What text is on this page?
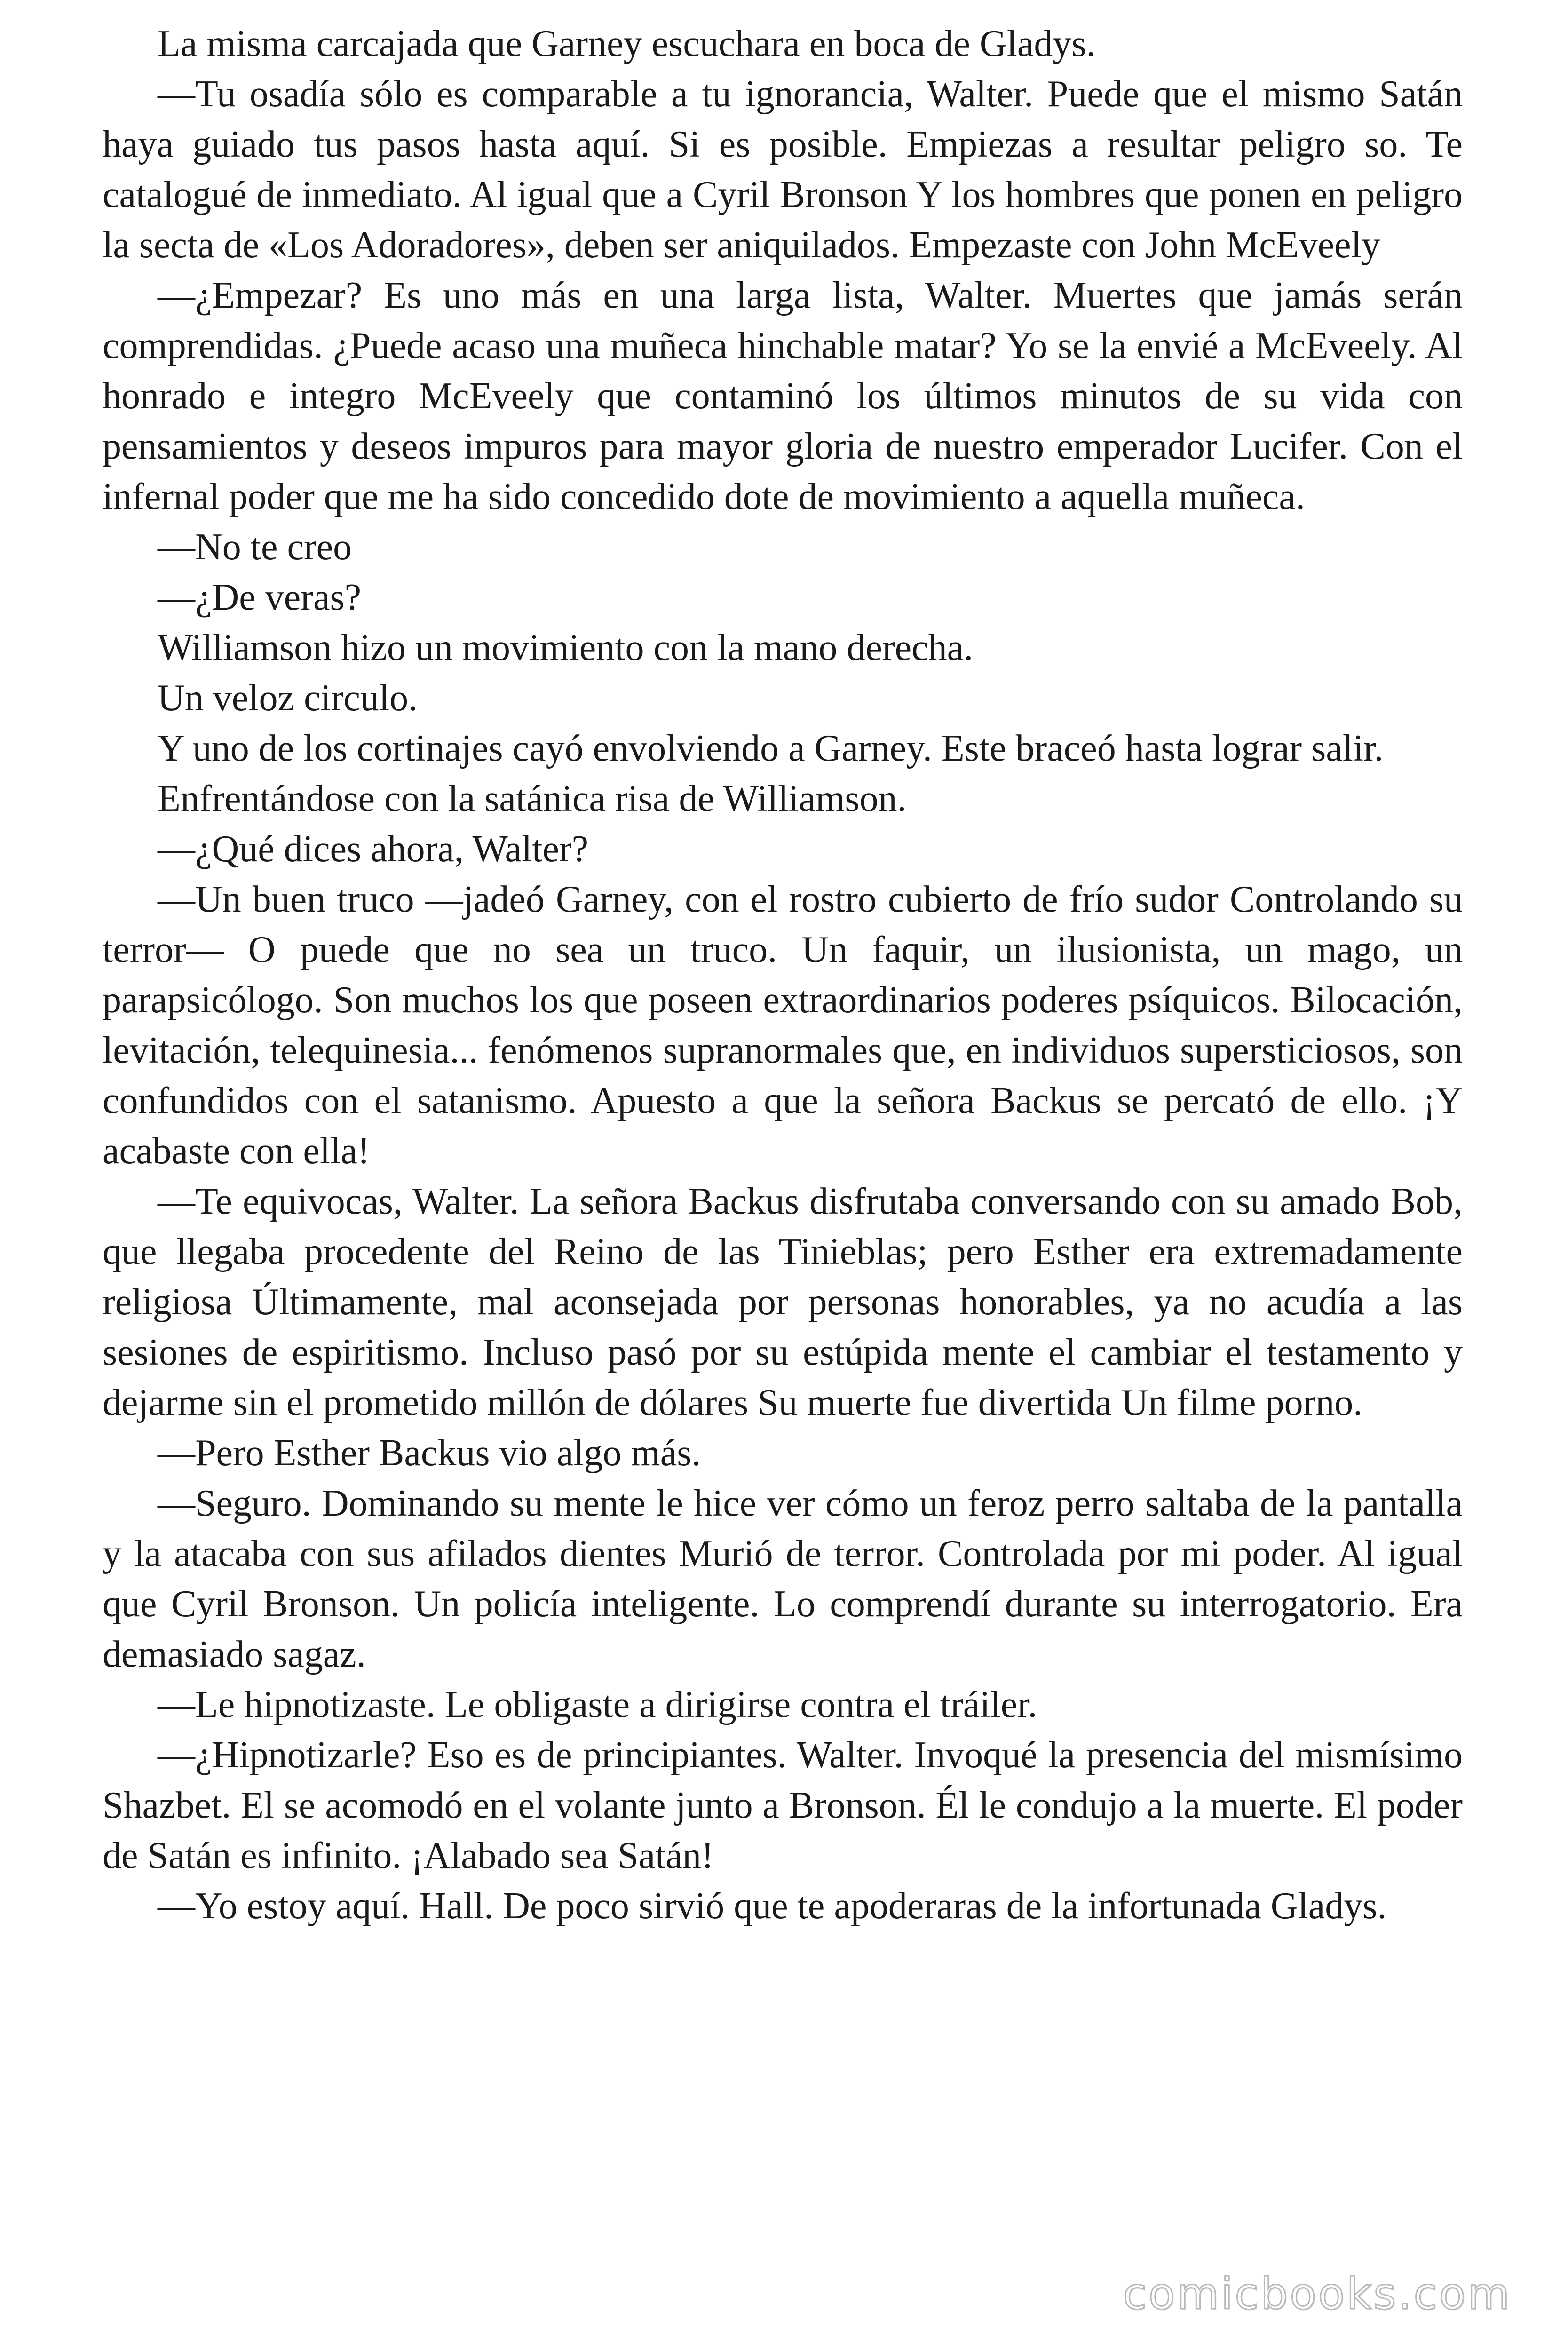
La misma carcajada que Garney escuchara en boca de Gladys.

—Tu osadía sólo es comparable a tu ignorancia, Walter. Puede que el mismo Satán haya guiado tus pasos hasta aquí. Si es posible. Empiezas a resultar peligro so. Te catalogué de inmediato. Al igual que a Cyril Bronson Y los hombres que ponen en peligro la secta de «Los Adoradores», deben ser aniquilados. Empezaste con John McEveely

—¿Empezar? Es uno más en una larga lista, Walter. Muertes que jamás serán comprendidas. ¿Puede acaso una muñeca hinchable matar? Yo se la envié a McEveely. Al honrado e integro McEveely que contaminó los últimos minutos de su vida con pensamientos y deseos impuros para mayor gloria de nuestro emperador Lucifer. Con el infernal poder que me ha sido concedido dote de movimiento a aquella muñeca.

—No te creo

—¿De veras?

Williamson hizo un movimiento con la mano derecha.

Un veloz circulo.

Y uno de los cortinajes cayó envolviendo a Garney. Este braceó hasta lograr salir.

Enfrentándose con la satánica risa de Williamson.

—¿Qué dices ahora, Walter?

—Un buen truco —jadeó Garney, con el rostro cubierto de frío sudor Controlando su terror— O puede que no sea un truco. Un faquir, un ilusionista, un mago, un parapsicólogo. Son muchos los que poseen extraordinarios poderes psíquicos. Bilocación, levitación, telequinesia... fenómenos supranormales que, en individuos supersticiosos, son confundidos con el satanismo. Apuesto a que la señora Backus se percató de ello. ¡Y acabaste con ella!

—Te equivocas, Walter. La señora Backus disfrutaba conversando con su amado Bob, que llegaba procedente del Reino de las Tinieblas; pero Esther era extremadamente religiosa Últimamente, mal aconsejada por personas honorables, ya no acudía a las sesiones de espiritismo. Incluso pasó por su estúpida mente el cambiar el testamento y dejarme sin el prometido millón de dólares Su muerte fue divertida Un filme porno.

—Pero Esther Backus vio algo más.

—Seguro. Dominando su mente le hice ver cómo un feroz perro saltaba de la pantalla y la atacaba con sus afilados dientes Murió de terror. Controlada por mi poder. Al igual que Cyril Bronson. Un policía inteligente. Lo comprendí durante su interrogatorio. Era demasiado sagaz.

—Le hipnotizaste. Le obligaste a dirigirse contra el tráiler.

—¿Hipnotizarle? Eso es de principiantes. Walter. Invoqué la presencia del mismísimo Shazbet. El se acomodó en el volante junto a Bronson. Él le condujo a la muerte. El poder de Satán es infinito. ¡Alabado sea Satán!

—Yo estoy aquí. Hall. De poco sirvió que te apoderaras de la infortunada Gladys.

comicbooks.com
